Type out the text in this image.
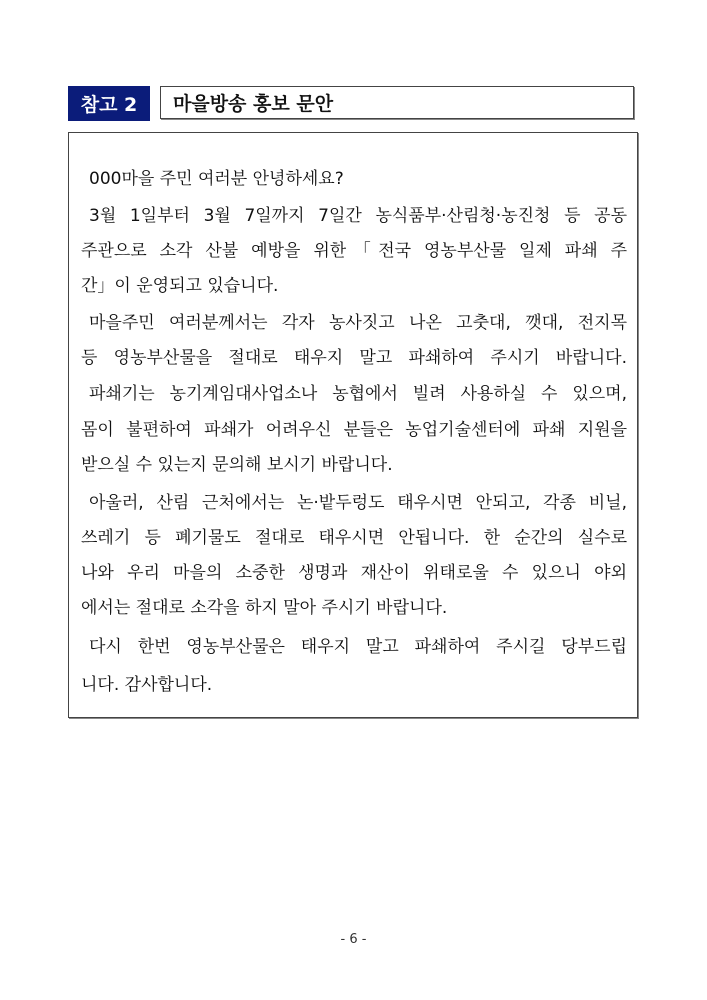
참고 2	마을방송 홍보 문안
000마을 주민 여러분 안녕하세요?
3월 1일부터 3월 7일까지 7일간 농식품부·산림청·농진청 등 공동
주관으로 소각 산불 예방을 위한「전국 영농부산물 일제 파쇄 주
간」이 운영되고 있습니다.
마을주민 여러분께서는 각자 농사짓고 나온 고춧대, 깻대, 전지목
등 영농부산물을 절대로 태우지 말고 파쇄하여 주시기 바랍니다.
파쇄기는 농기계임대사업소나 농협에서 빌려 사용하실 수 있으며,
몸이 불편하여 파쇄가 어려우신 분들은 농업기술센터에 파쇄 지원을
받으실 수 있는지 문의해 보시기 바랍니다.
아울러, 산림 근처에서는 논·밭두렁도 태우시면 안되고, 각종 비닐,
쓰레기 등 폐기물도 절대로 태우시면 안됩니다. 한 순간의 실수로
나와 우리 마을의 소중한 생명과 재산이 위태로울 수 있으니 야외
에서는 절대로 소각을 하지 말아 주시기 바랍니다.
다시 한번 영농부산물은 태우지 말고 파쇄하여 주시길 당부드립
니다. 감사합니다.
- 6 -
